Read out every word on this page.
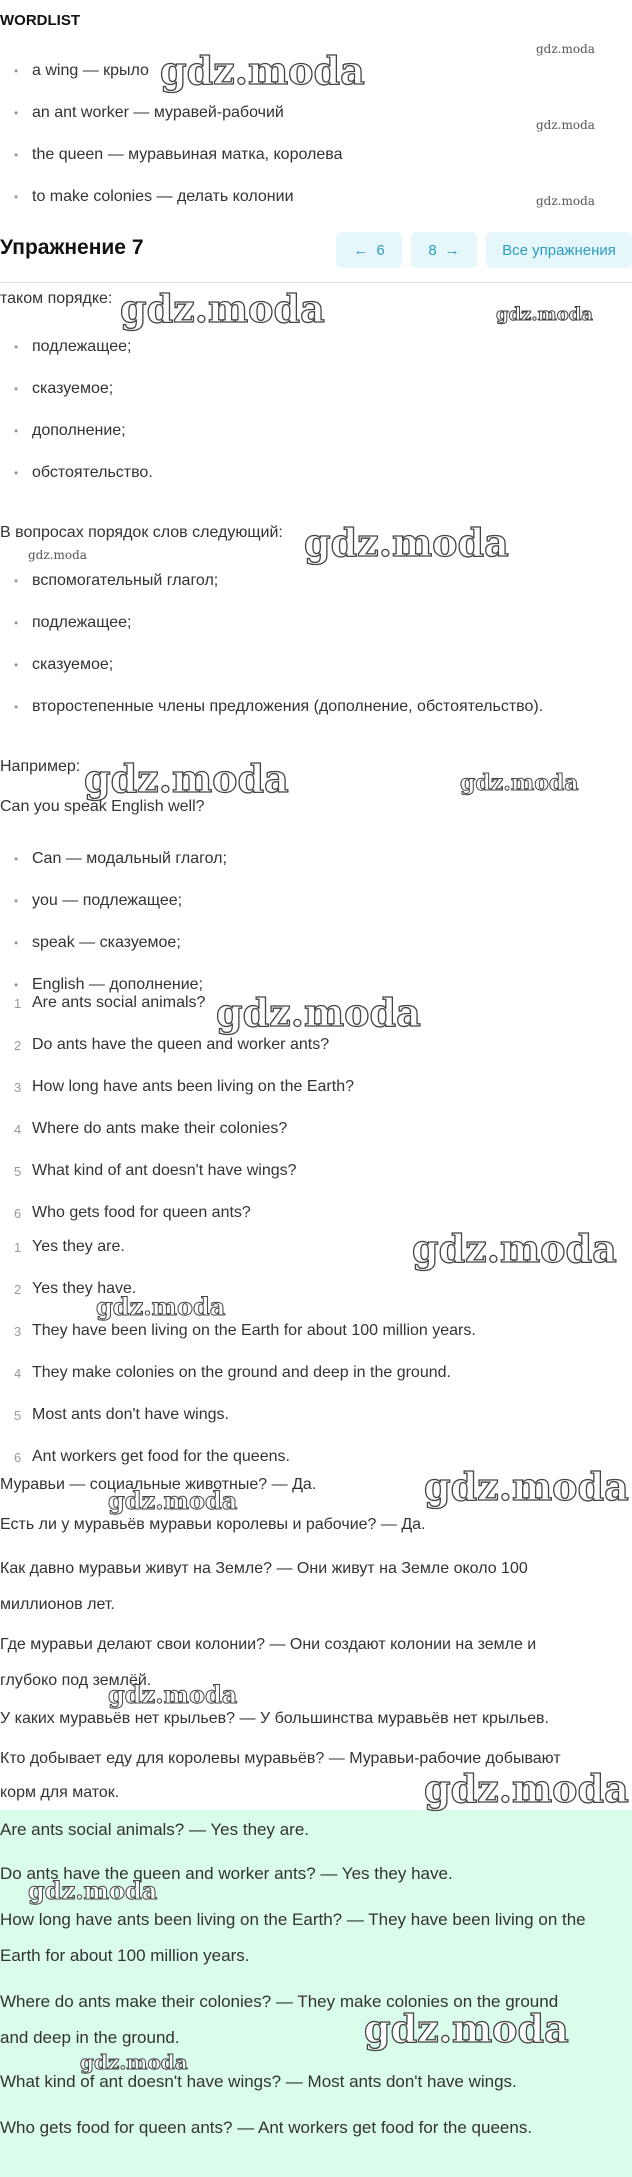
WORDLIST
• a wing — крыло
• an ant worker — муравей-рабочий
• the queen — муравьиная матка, королева
• to make colonies — делать колонии
Упражнение 7	← 6	8 →	Все упражнения
таком порядке:
• подлежащее;
• сказуемое;
• дополнение;
• обстоятельство.
В вопросах порядок слов следующий:
• вспомогательный глагол;
• подлежащее;
• сказуемое;
• второстепенные члены предложения (дополнение, обстоятельство).
Например:
Can you speak English well?
• Can — модальный глагол;
• you — подлежащее;
• speak — сказуемое;
• English — дополнение;
1 Are ants social animals?
2 Do ants have the queen and worker ants?
3 How long have ants been living on the Earth?
4 Where do ants make their colonies?
5 What kind of ant doesn't have wings?
6 Who gets food for queen ants?
1 Yes they are.
2 Yes they have.
3 They have been living on the Earth for about 100 million years.
4 They make colonies on the ground and deep in the ground.
5 Most ants don't have wings.
6 Ant workers get food for the queens.
Муравьи — социальные животные? — Да.
Есть ли у муравьёв муравьи королевы и рабочие? — Да.
Как давно муравьи живут на Земле? — Они живут на Земле около 100
миллионов лет.
Где муравьи делают свои колонии? — Они создают колонии на земле и
глубоко под землёй.
У каких муравьёв нет крыльев? — У большинства муравьёв нет крыльев.
Кто добывает еду для королевы муравьёв? — Муравьи-рабочие добывают
корм для маток.
Are ants social animals? — Yes they are.
Do ants have the queen and worker ants? — Yes they have.
How long have ants been living on the Earth? — They have been living on the
Earth for about 100 million years.
Where do ants make their colonies? — They make colonies on the ground
and deep in the ground.
What kind of ant doesn't have wings? — Most ants don't have wings.
Who gets food for queen ants? — Ant workers get food for the queens.
gdz.moda	gdz.moda
gdz.moda
gdz.moda
gdz.moda	gdz.moda
gdz.moda
gdz.moda
gdz.moda	gdz.moda
gdz.moda
gdz.moda
gdz.moda
gdz.moda
gdz.moda
gdz.moda
gdz.moda
gdz.moda
gdz.moda
gdz.moda
